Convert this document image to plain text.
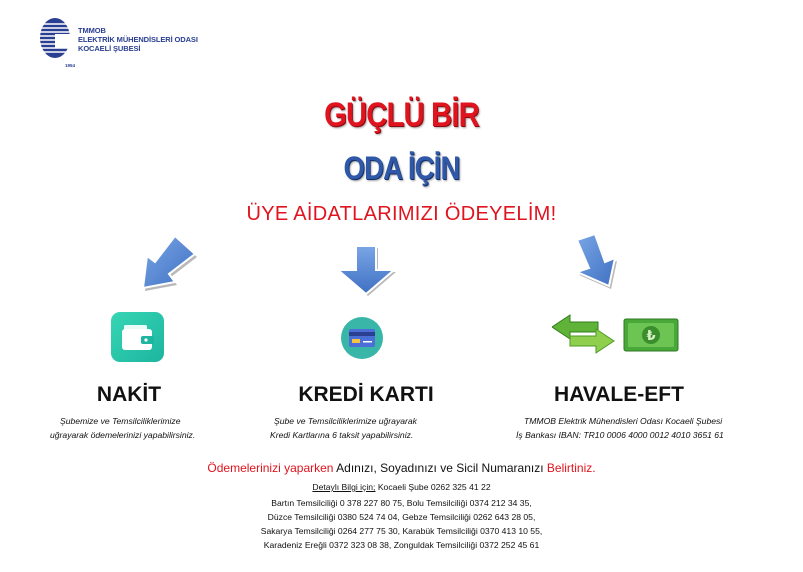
TMMOB
ELEKTRİK MÜHENDİSLERİ ODASI
KOCAELİ ŞUBESİ
1954
GÜÇLÜ BİR
ODA İÇİN
ÜYE AİDATLARIMIZI ÖDEYELİM!
₺
NAKİT	KREDİ KARTI	HAVALE-EFT
Şubemize ve Temsilciliklerimize
uğrayarak ödemelerinizi yapabilirsiniz.
Şube ve Temsilciliklerimize uğrayarak
Kredi Kartlarına 6 taksit yapabilirsiniz.
TMMOB Elektrik Mühendisleri Odası Kocaeli Şubesi
İş Bankası IBAN: TR10 0006 4000 0012 4010 3651 61
Ödemelerinizi yaparken Adınızı, Soyadınızı ve Sicil Numaranızı Belirtiniz.
Detaylı Bilgi için; Kocaeli Şube 0262 325 41 22
Bartın Temsilciliği 0 378 227 80 75, Bolu Temsilciliği 0374 212 34 35,
Düzce Temsilciliği 0380 524 74 04, Gebze Temsilciliği 0262 643 28 05,
Sakarya Temsilciliği 0264 277 75 30, Karabük Temsilciliği 0370 413 10 55,
Karadeniz Ereğli 0372 323 08 38, Zonguldak Temsilciliği 0372 252 45 61
